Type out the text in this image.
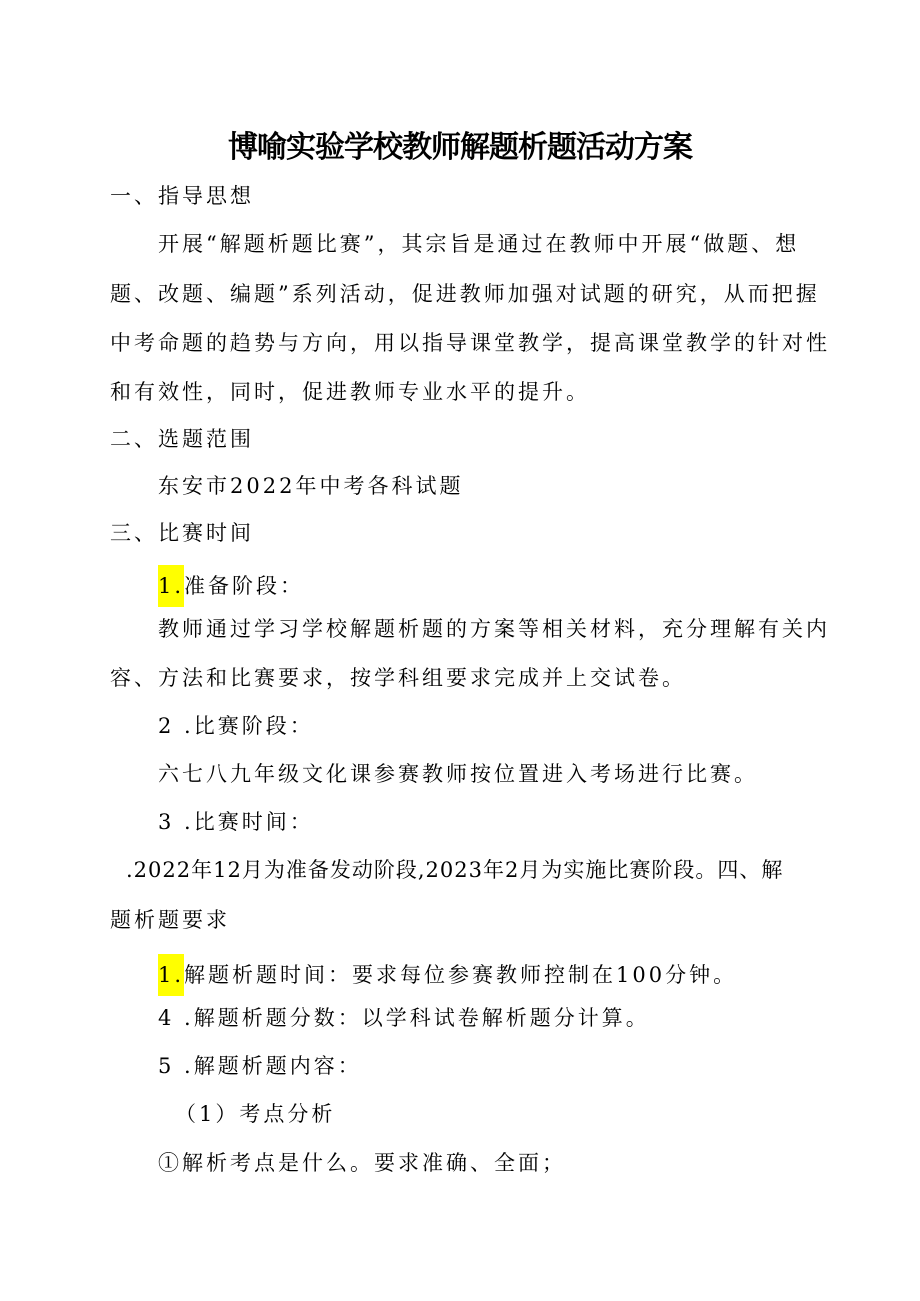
博喻实验学校教师解题析题活动方案
一、指导思想
开展“解题析题比赛”，其宗旨是通过在教师中开展“做题、想
题、改题、编题”系列活动，促进教师加强对试题的研究，从而把握
中考命题的趋势与方向，用以指导课堂教学，提高课堂教学的针对性
和有效性，同时，促进教师专业水平的提升。
二、选题范围
东安市2022年中考各科试题
三、比赛时间
1.准备阶段：
教师通过学习学校解题析题的方案等相关材料，充分理解有关内
容、方法和比赛要求，按学科组要求完成并上交试卷。
2 .比赛阶段：
六七八九年级文化课参赛教师按位置进入考场进行比赛。
3 .比赛时间：
.2022年12月为准备发动阶段,2023年2月为实施比赛阶段。四、解
题析题要求
1.解题析题时间：要求每位参赛教师控制在100分钟。
4 .解题析题分数：以学科试卷解析题分计算。
5 .解题析题内容：
（1）考点分析
①解析考点是什么。要求准确、全面；
